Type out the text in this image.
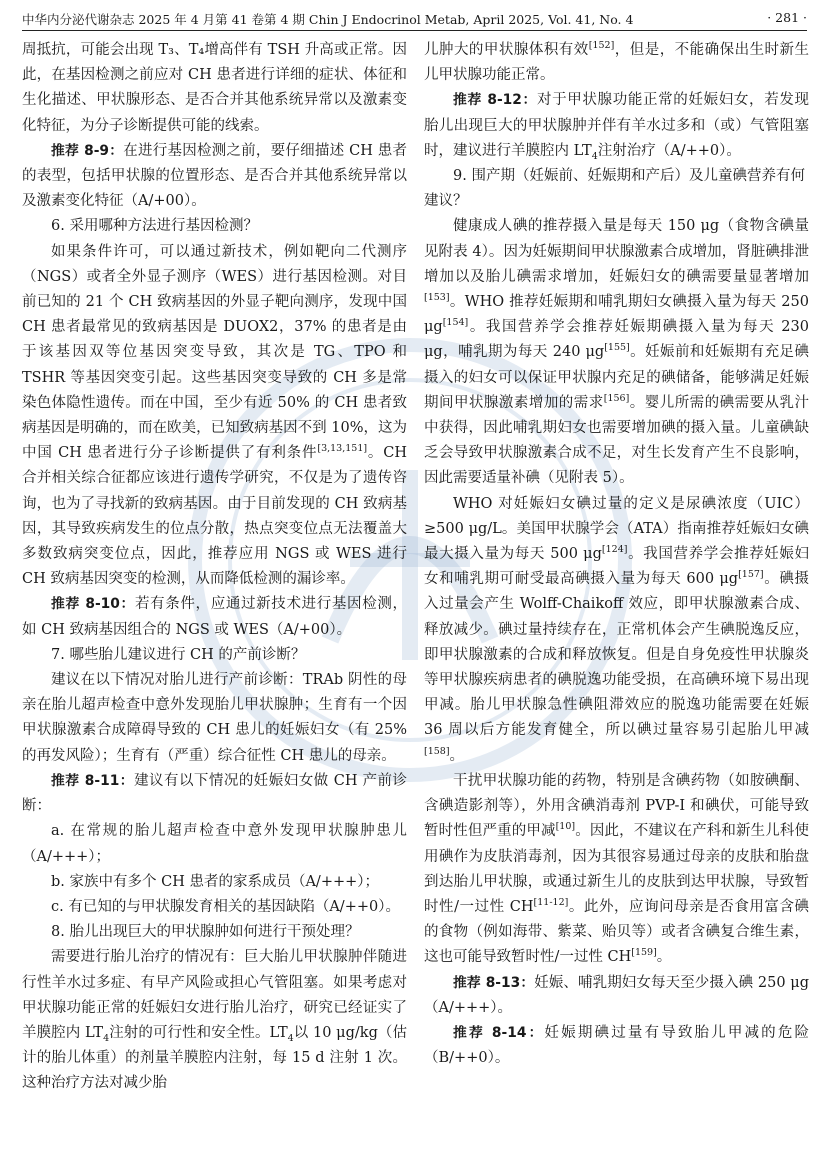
中华内分泌代谢杂志 2025 年 4 月第 41 卷第 4 期 Chin J Endocrinol Metab, April 2025, Vol. 41, No. 4	· 281 ·

周抵抗，可能会出现 T₃、T₄增高伴有 TSH 升高或正常。因此，在基因检测之前应对 CH 患者进行详细的症状、体征和生化描述、甲状腺形态、是否合并其他系统异常以及激素变化特征，为分子诊断提供可能的线索。

推荐 8-9：在进行基因检测之前，要仔细描述 CH 患者的表型，包括甲状腺的位置形态、是否合并其他系统异常以及激素变化特征（A/+00）。

6. 采用哪种方法进行基因检测？

如果条件许可，可以通过新技术，例如靶向二代测序（NGS）或者全外显子测序（WES）进行基因检测。对目前已知的 21 个 CH 致病基因的外显子靶向测序，发现中国 CH 患者最常见的致病基因是 DUOX2，37% 的患者是由于该基因双等位基因突变导致，其次是 TG、TPO 和 TSHR 等基因突变引起。这些基因突变导致的 CH 多是常染色体隐性遗传。而在中国，至少有近 50% 的 CH 患者致病基因是明确的，而在欧美，已知致病基因不到 10%，这为中国 CH 患者进行分子诊断提供了有利条件[3,13,151]。CH 合并相关综合征都应该进行遗传学研究，不仅是为了遗传咨询，也为了寻找新的致病基因。由于目前发现的 CH 致病基因，其导致疾病发生的位点分散，热点突变位点无法覆盖大多数致病突变位点，因此，推荐应用 NGS 或 WES 进行 CH 致病基因突变的检测，从而降低检测的漏诊率。

推荐 8-10：若有条件，应通过新技术进行基因检测，如 CH 致病基因组合的 NGS 或 WES（A/+00）。

7. 哪些胎儿建议进行 CH 的产前诊断？

建议在以下情况对胎儿进行产前诊断：TRAb 阴性的母亲在胎儿超声检查中意外发现胎儿甲状腺肿；生育有一个因甲状腺激素合成障碍导致的 CH 患儿的妊娠妇女（有 25% 的再发风险）；生育有（严重）综合征性 CH 患儿的母亲。

推荐 8-11：建议有以下情况的妊娠妇女做 CH 产前诊断：

a. 在常规的胎儿超声检查中意外发现甲状腺肿患儿（A/+++）；

b. 家族中有多个 CH 患者的家系成员（A/+++）；

c. 有已知的与甲状腺发育相关的基因缺陷（A/++0）。

8. 胎儿出现巨大的甲状腺肿如何进行干预处理？

需要进行胎儿治疗的情况有：巨大胎儿甲状腺肿伴随进行性羊水过多症、有早产风险或担心气管阻塞。如果考虑对甲状腺功能正常的妊娠妇女进行胎儿治疗，研究已经证实了羊膜腔内 $LT_4$注射的可行性和安全性。$LT_4$以 10 μg/kg（估计的胎儿体重）的剂量羊膜腔内注射，每 15 d 注射 1 次。这种治疗方法对减少胎

儿肿大的甲状腺体积有效[152]，但是，不能确保出生时新生儿甲状腺功能正常。

推荐 8-12：对于甲状腺功能正常的妊娠妇女，若发现胎儿出现巨大的甲状腺肿并伴有羊水过多和（或）气管阻塞时，建议进行羊膜腔内 $LT_4$注射治疗（A/++0）。

9. 围产期（妊娠前、妊娠期和产后）及儿童碘营养有何建议？

健康成人碘的推荐摄入量是每天 150 μg（食物含碘量见附表 4）。因为妊娠期间甲状腺激素合成增加，肾脏碘排泄增加以及胎儿碘需求增加，妊娠妇女的碘需要量显著增加[153]。WHO 推荐妊娠期和哺乳期妇女碘摄入量为每天 250 μg[154]。我国营养学会推荐妊娠期碘摄入量为每天 230 μg，哺乳期为每天 240 μg[155]。妊娠前和妊娠期有充足碘摄入的妇女可以保证甲状腺内充足的碘储备，能够满足妊娠期间甲状腺激素增加的需求[156]。婴儿所需的碘需要从乳汁中获得，因此哺乳期妇女也需要增加碘的摄入量。儿童碘缺乏会导致甲状腺激素合成不足，对生长发育产生不良影响，因此需要适量补碘（见附表 5）。

WHO 对妊娠妇女碘过量的定义是尿碘浓度（UIC）≥500 μg/L。美国甲状腺学会（ATA）指南推荐妊娠妇女碘最大摄入量为每天 500 μg[124]。我国营养学会推荐妊娠妇女和哺乳期可耐受最高碘摄入量为每天 600 μg[157]。碘摄入过量会产生 Wolff-Chaikoff 效应，即甲状腺激素合成、释放减少。碘过量持续存在，正常机体会产生碘脱逸反应，即甲状腺激素的合成和释放恢复。但是自身免疫性甲状腺炎等甲状腺疾病患者的碘脱逸功能受损，在高碘环境下易出现甲减。胎儿甲状腺急性碘阻滞效应的脱逸功能需要在妊娠 36 周以后方能发育健全，所以碘过量容易引起胎儿甲减[158]。

干扰甲状腺功能的药物，特别是含碘药物（如胺碘酮、含碘造影剂等），外用含碘消毒剂 PVP-I 和碘伏，可能导致暂时性但严重的甲减[10]。因此，不建议在产科和新生儿科使用碘作为皮肤消毒剂，因为其很容易通过母亲的皮肤和胎盘到达胎儿甲状腺，或通过新生儿的皮肤到达甲状腺，导致暂时性/一过性 CH[11-12]。此外，应询问母亲是否食用富含碘的食物（例如海带、紫菜、贻贝等）或者含碘复合维生素，这也可能导致暂时性/一过性 CH[159]。

推荐 8-13：妊娠、哺乳期妇女每天至少摄入碘 250 μg（A/+++）。

推荐 8-14：妊娠期碘过量有导致胎儿甲减的危险（B/++0）。
